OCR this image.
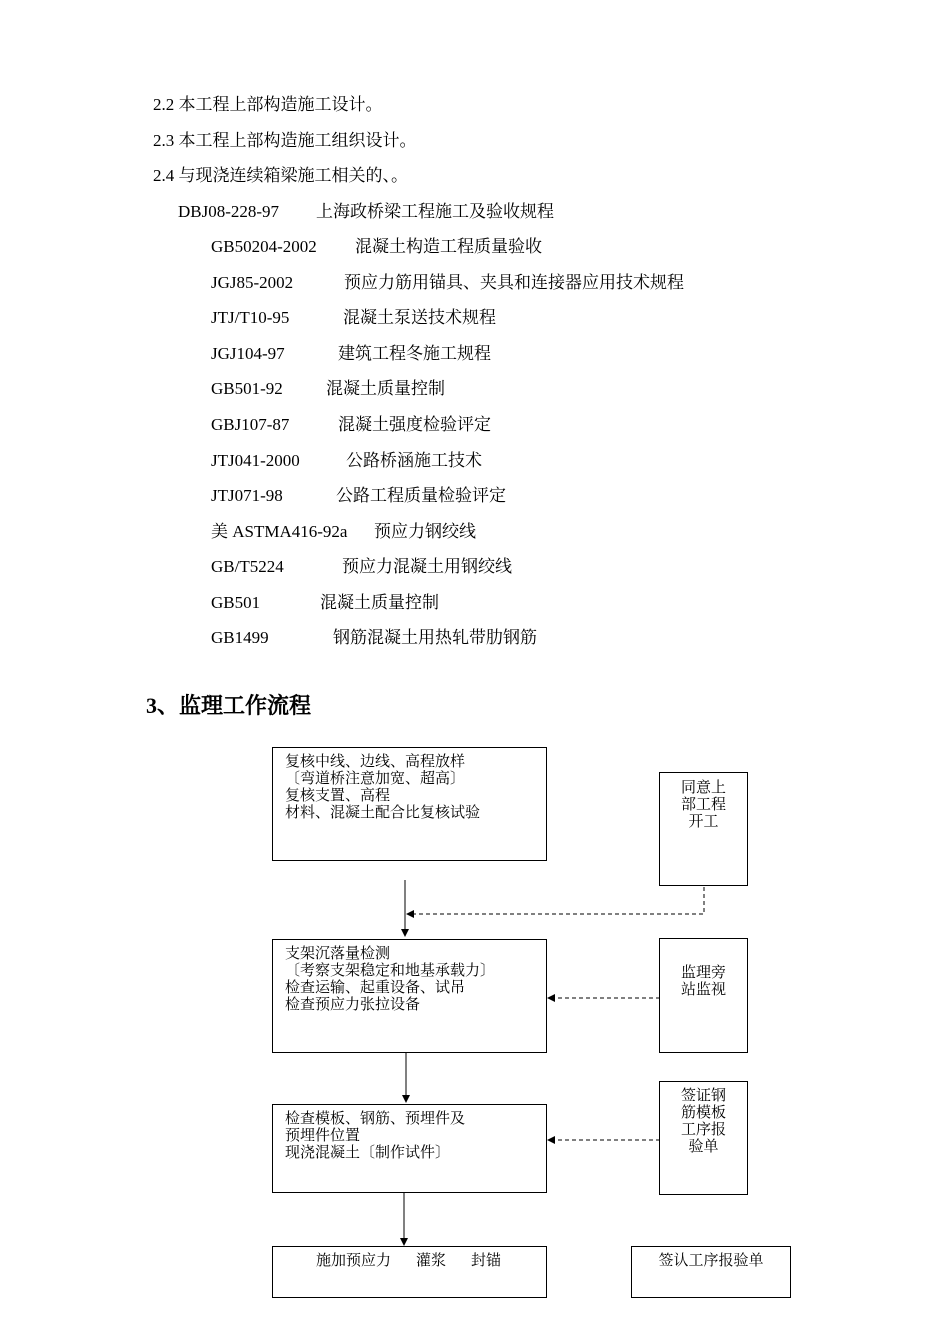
2.2 本工程上部构造施工设计。
2.3 本工程上部构造施工组织设计。
2.4 与现浇连续箱梁施工相关的、。
DBJ08-228-97 上海政桥梁工程施工及验收规程
GB50204-2002 混凝土构造工程质量验收
JGJ85-2002	预应力筋用锚具、夹具和连接器应用技术规程
JTJ/T10-95	混凝土泵送技术规程
JGJ104-97	建筑工程冬施工规程
GB501-92	混凝土质量控制
GBJ107-87	混凝土强度检验评定
JTJ041-2000	公路桥涵施工技术
JTJ071-98	公路工程质量检验评定
美 ASTMA416-92a 预应力钢绞线
GB/T5224	预应力混凝土用钢绞线
GB501	混凝土质量控制
GB1499	钢筋混凝土用热轧带肋钢筋
3、监理工作流程
复核中线、边线、高程放样
〔弯道桥注意加宽、超高〕
复核支置、高程
材料、混凝土配合比复核试验
同意上
部工程
开工
支架沉落量检测
〔考察支架稳定和地基承载力〕
检查运输、起重设备、试吊
检查预应力张拉设备
监理旁
站监视
检查模板、钢筋、预埋件及
预埋件位置
现浇混凝土〔制作试件〕
签证钢
筋模板
工序报
验单
施加预应力 灌浆 封锚	签认工序报验单
